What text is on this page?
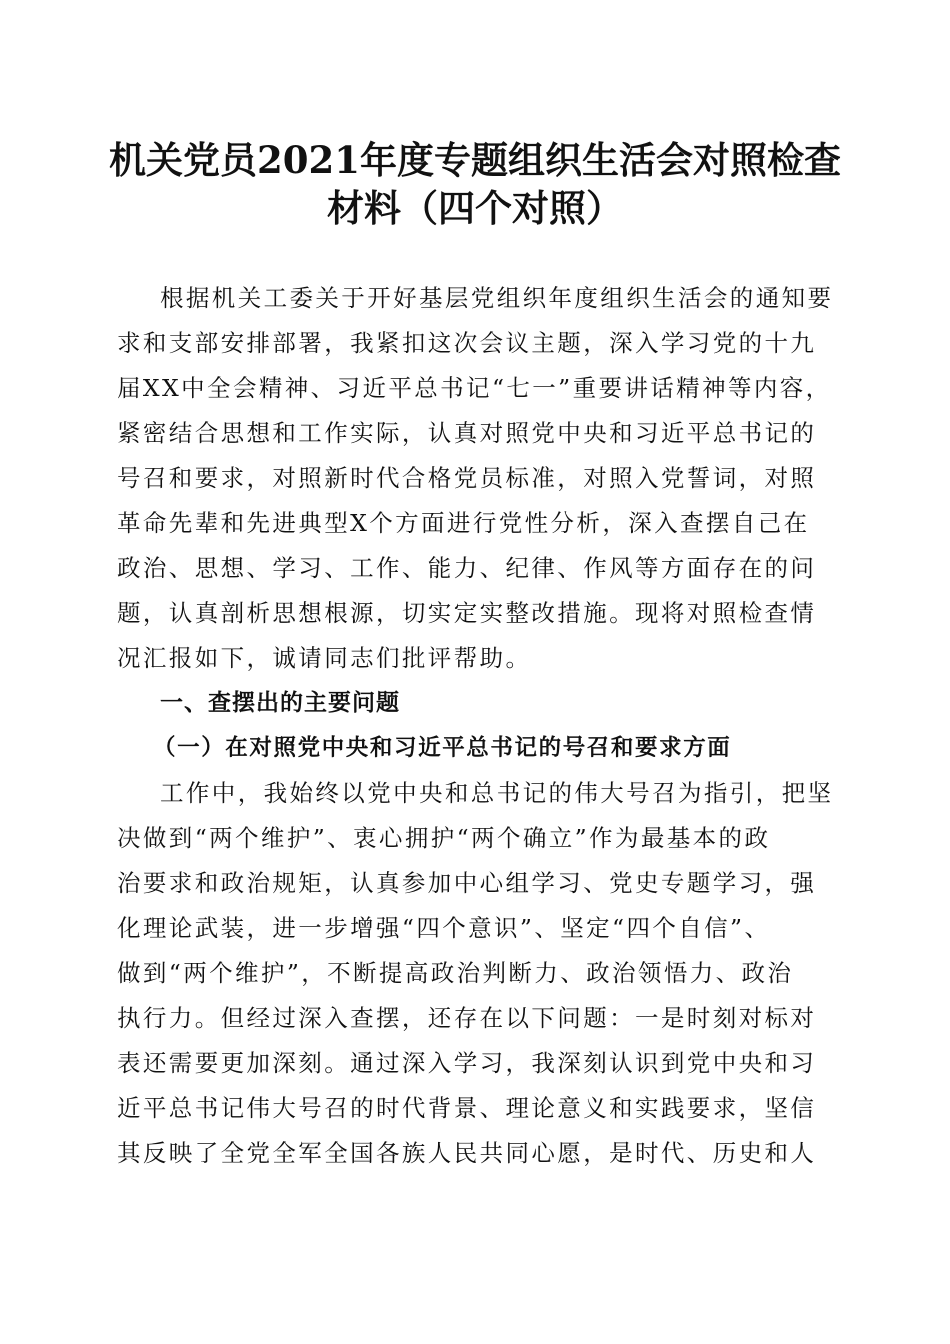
机关党员2021年度专题组织生活会对照检查
材料（四个对照）
根据机关工委关于开好基层党组织年度组织生活会的通知要
求和支部安排部署，我紧扣这次会议主题，深入学习党的十九
届XX中全会精神、习近平总书记“七一”重要讲话精神等内容，
紧密结合思想和工作实际，认真对照党中央和习近平总书记的
号召和要求，对照新时代合格党员标准，对照入党誓词，对照
革命先辈和先进典型X个方面进行党性分析，深入查摆自己在
政治、思想、学习、工作、能力、纪律、作风等方面存在的问
题，认真剖析思想根源，切实定实整改措施。现将对照检查情
况汇报如下，诚请同志们批评帮助。
一、查摆出的主要问题
（一）在对照党中央和习近平总书记的号召和要求方面
工作中，我始终以党中央和总书记的伟大号召为指引，把坚
决做到“两个维护”、衷心拥护“两个确立”作为最基本的政
治要求和政治规矩，认真参加中心组学习、党史专题学习，强
化理论武装，进一步增强“四个意识”、坚定“四个自信”、
做到“两个维护”，不断提高政治判断力、政治领悟力、政治
执行力。但经过深入查摆，还存在以下问题：一是时刻对标对
表还需要更加深刻。通过深入学习，我深刻认识到党中央和习
近平总书记伟大号召的时代背景、理论意义和实践要求，坚信
其反映了全党全军全国各族人民共同心愿，是时代、历史和人
